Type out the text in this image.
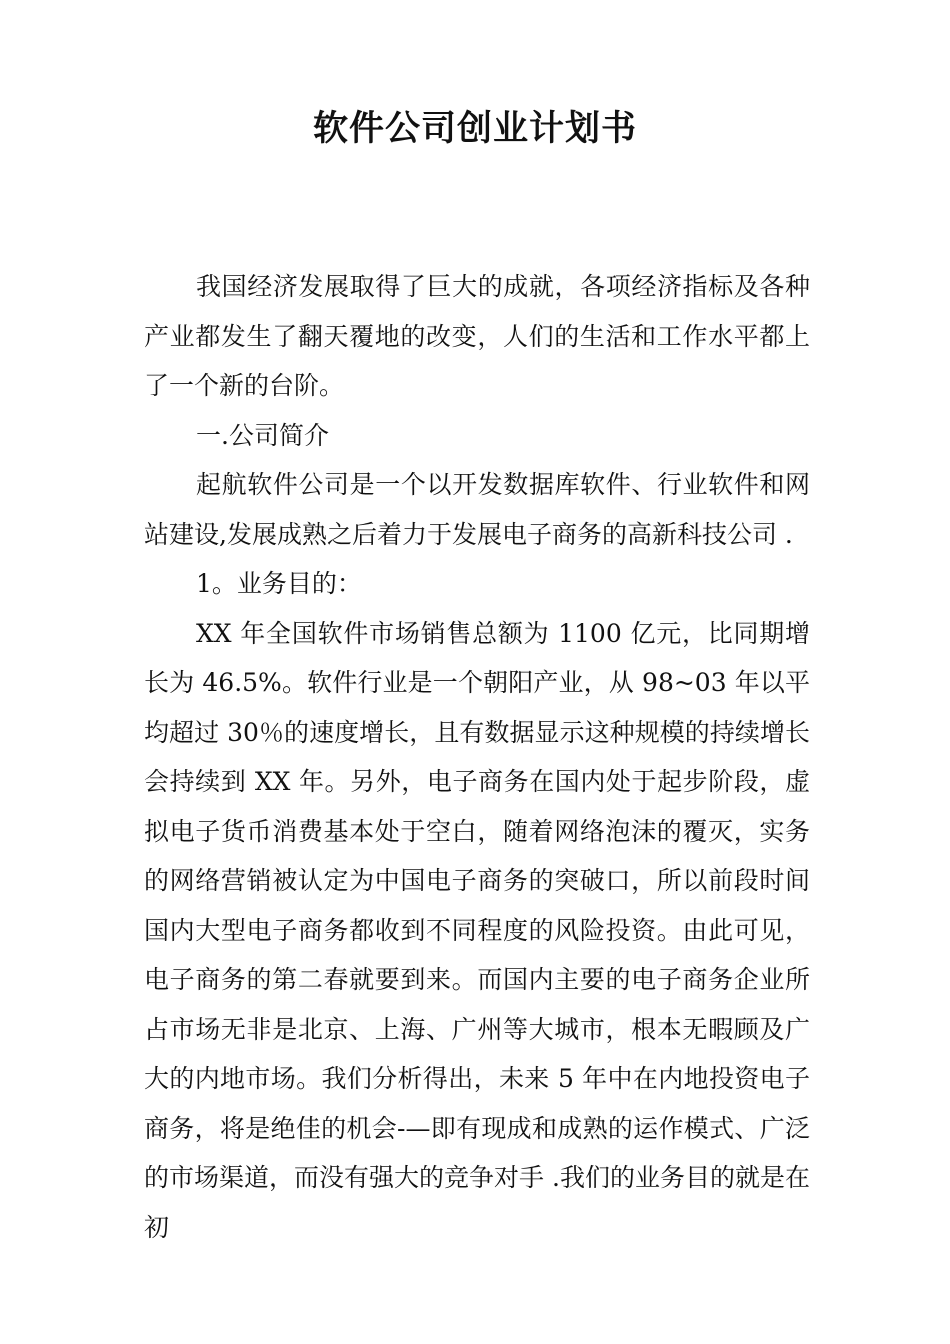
软件公司创业计划书

我国经济发展取得了巨大的成就，各项经济指标及各种产业都发生了翻天覆地的改变，人们的生活和工作水平都上了一个新的台阶。

一.公司简介

起航软件公司是一个以开发数据库软件、行业软件和网站建设,发展成熟之后着力于发展电子商务的高新科技公司 .

1。业务目的：

XX 年全国软件市场销售总额为 1100 亿元，比同期增长为 46.5%。软件行业是一个朝阳产业，从 98~03 年以平均超过 30％的速度增长，且有数据显示这种规模的持续增长会持续到 XX 年。另外，电子商务在国内处于起步阶段，虚拟电子货币消费基本处于空白，随着网络泡沫的覆灭，实务的网络营销被认定为中国电子商务的突破口，所以前段时间国内大型电子商务都收到不同程度的风险投资。由此可见，电子商务的第二春就要到来。而国内主要的电子商务企业所占市场无非是北京、上海、广州等大城市，根本无暇顾及广大的内地市场。我们分析得出，未来 5 年中在内地投资电子商务，将是绝佳的机会-—即有现成和成熟的运作模式、广泛的市场渠道，而没有强大的竞争对手 .我们的业务目的就是在初
